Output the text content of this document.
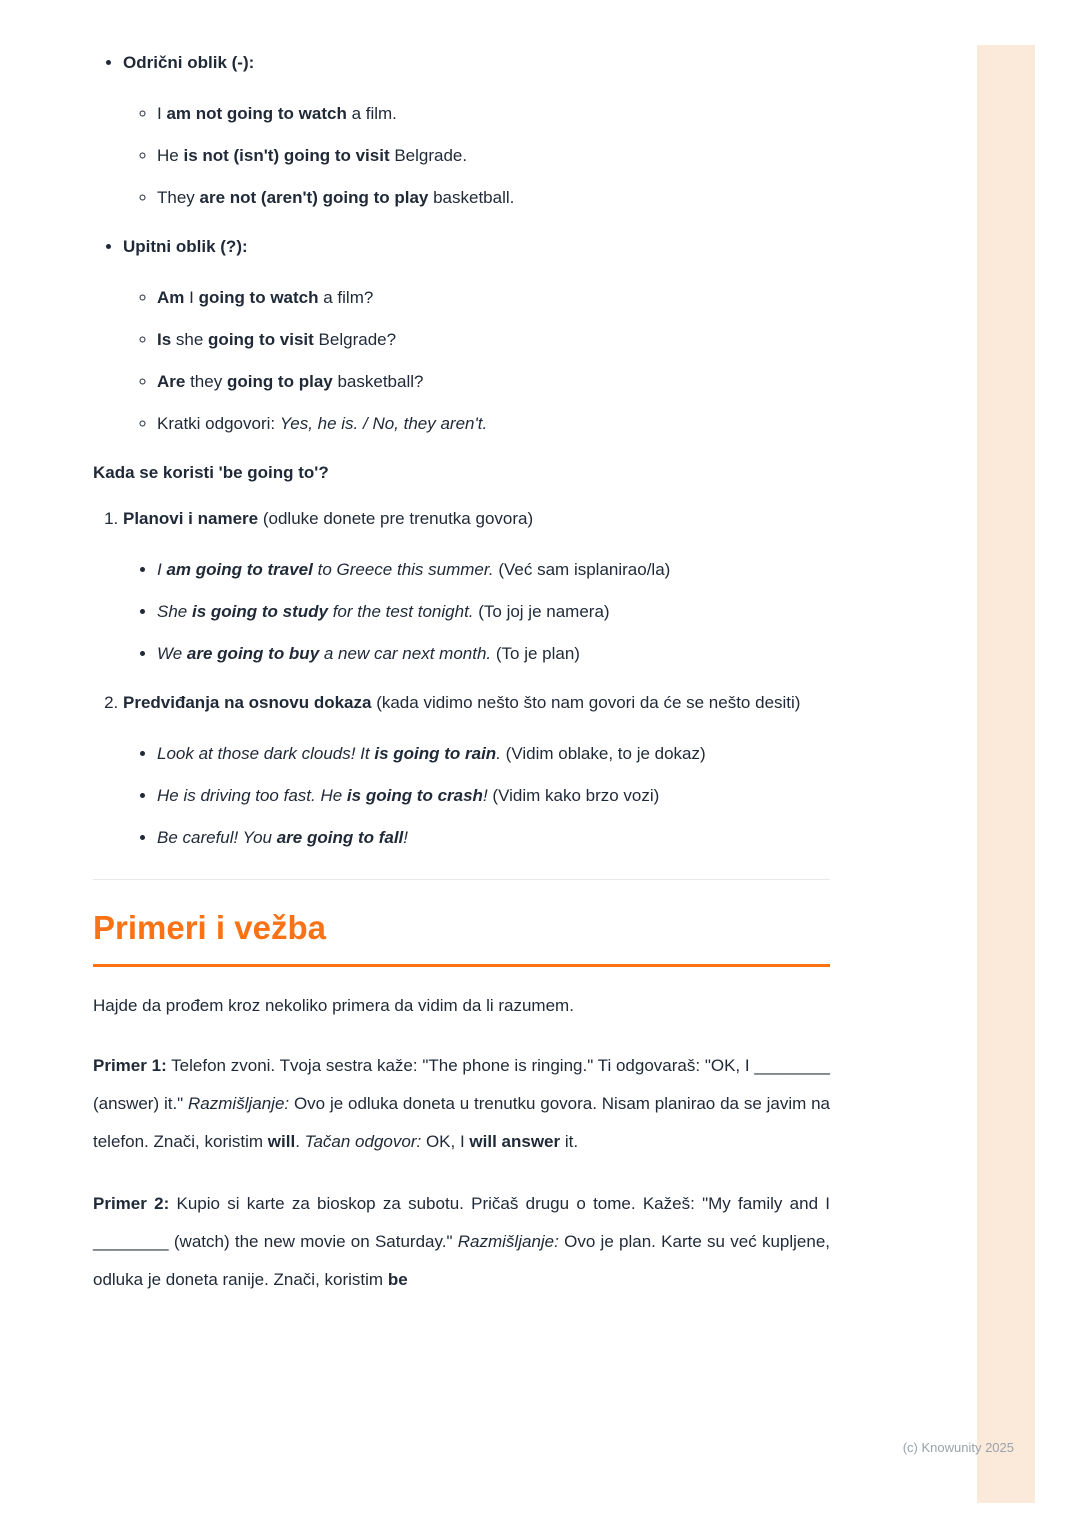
• Odrični oblik (-):
◦ I am not going to watch a film.
◦ He is not (isn't) going to visit Belgrade.
◦ They are not (aren't) going to play basketball.
• Upitni oblik (?):
◦ Am I going to watch a film?
◦ Is she going to visit Belgrade?
◦ Are they going to play basketball?
◦ Kratki odgovori: Yes, he is. / No, they aren't.

Kada se koristi 'be going to'?

1. Planovi i namere (odluke donete pre trenutka govora)
• I am going to travel to Greece this summer. (Već sam isplanirao/la)
• She is going to study for the test tonight. (To joj je namera)
• We are going to buy a new car next month. (To je plan)
2. Predviđanja na osnovu dokaza (kada vidimo nešto što nam govori da će se nešto desiti)
• Look at those dark clouds! It is going to rain. (Vidim oblake, to je dokaz)
• He is driving too fast. He is going to crash! (Vidim kako brzo vozi)
• Be careful! You are going to fall!
Primeri i vežba

Hajde da prođem kroz nekoliko primera da vidim da li razumem.

Primer 1: Telefon zvoni. Tvoja sestra kaže: "The phone is ringing." Ti odgovaraš: "OK, I ________ (answer) it." Razmišljanje: Ovo je odluka doneta u trenutku govora. Nisam planirao da se javim na telefon. Znači, koristim will. Tačan odgovor: OK, I will answer it.

Primer 2: Kupio si karte za bioskop za subotu. Pričaš drugu o tome. Kažeš: "My family and I ________ (watch) the new movie on Saturday." Razmišljanje: Ovo je plan. Karte su već kupljene, odluka je doneta ranije. Znači, koristim be

(c) Knowunity 2025
